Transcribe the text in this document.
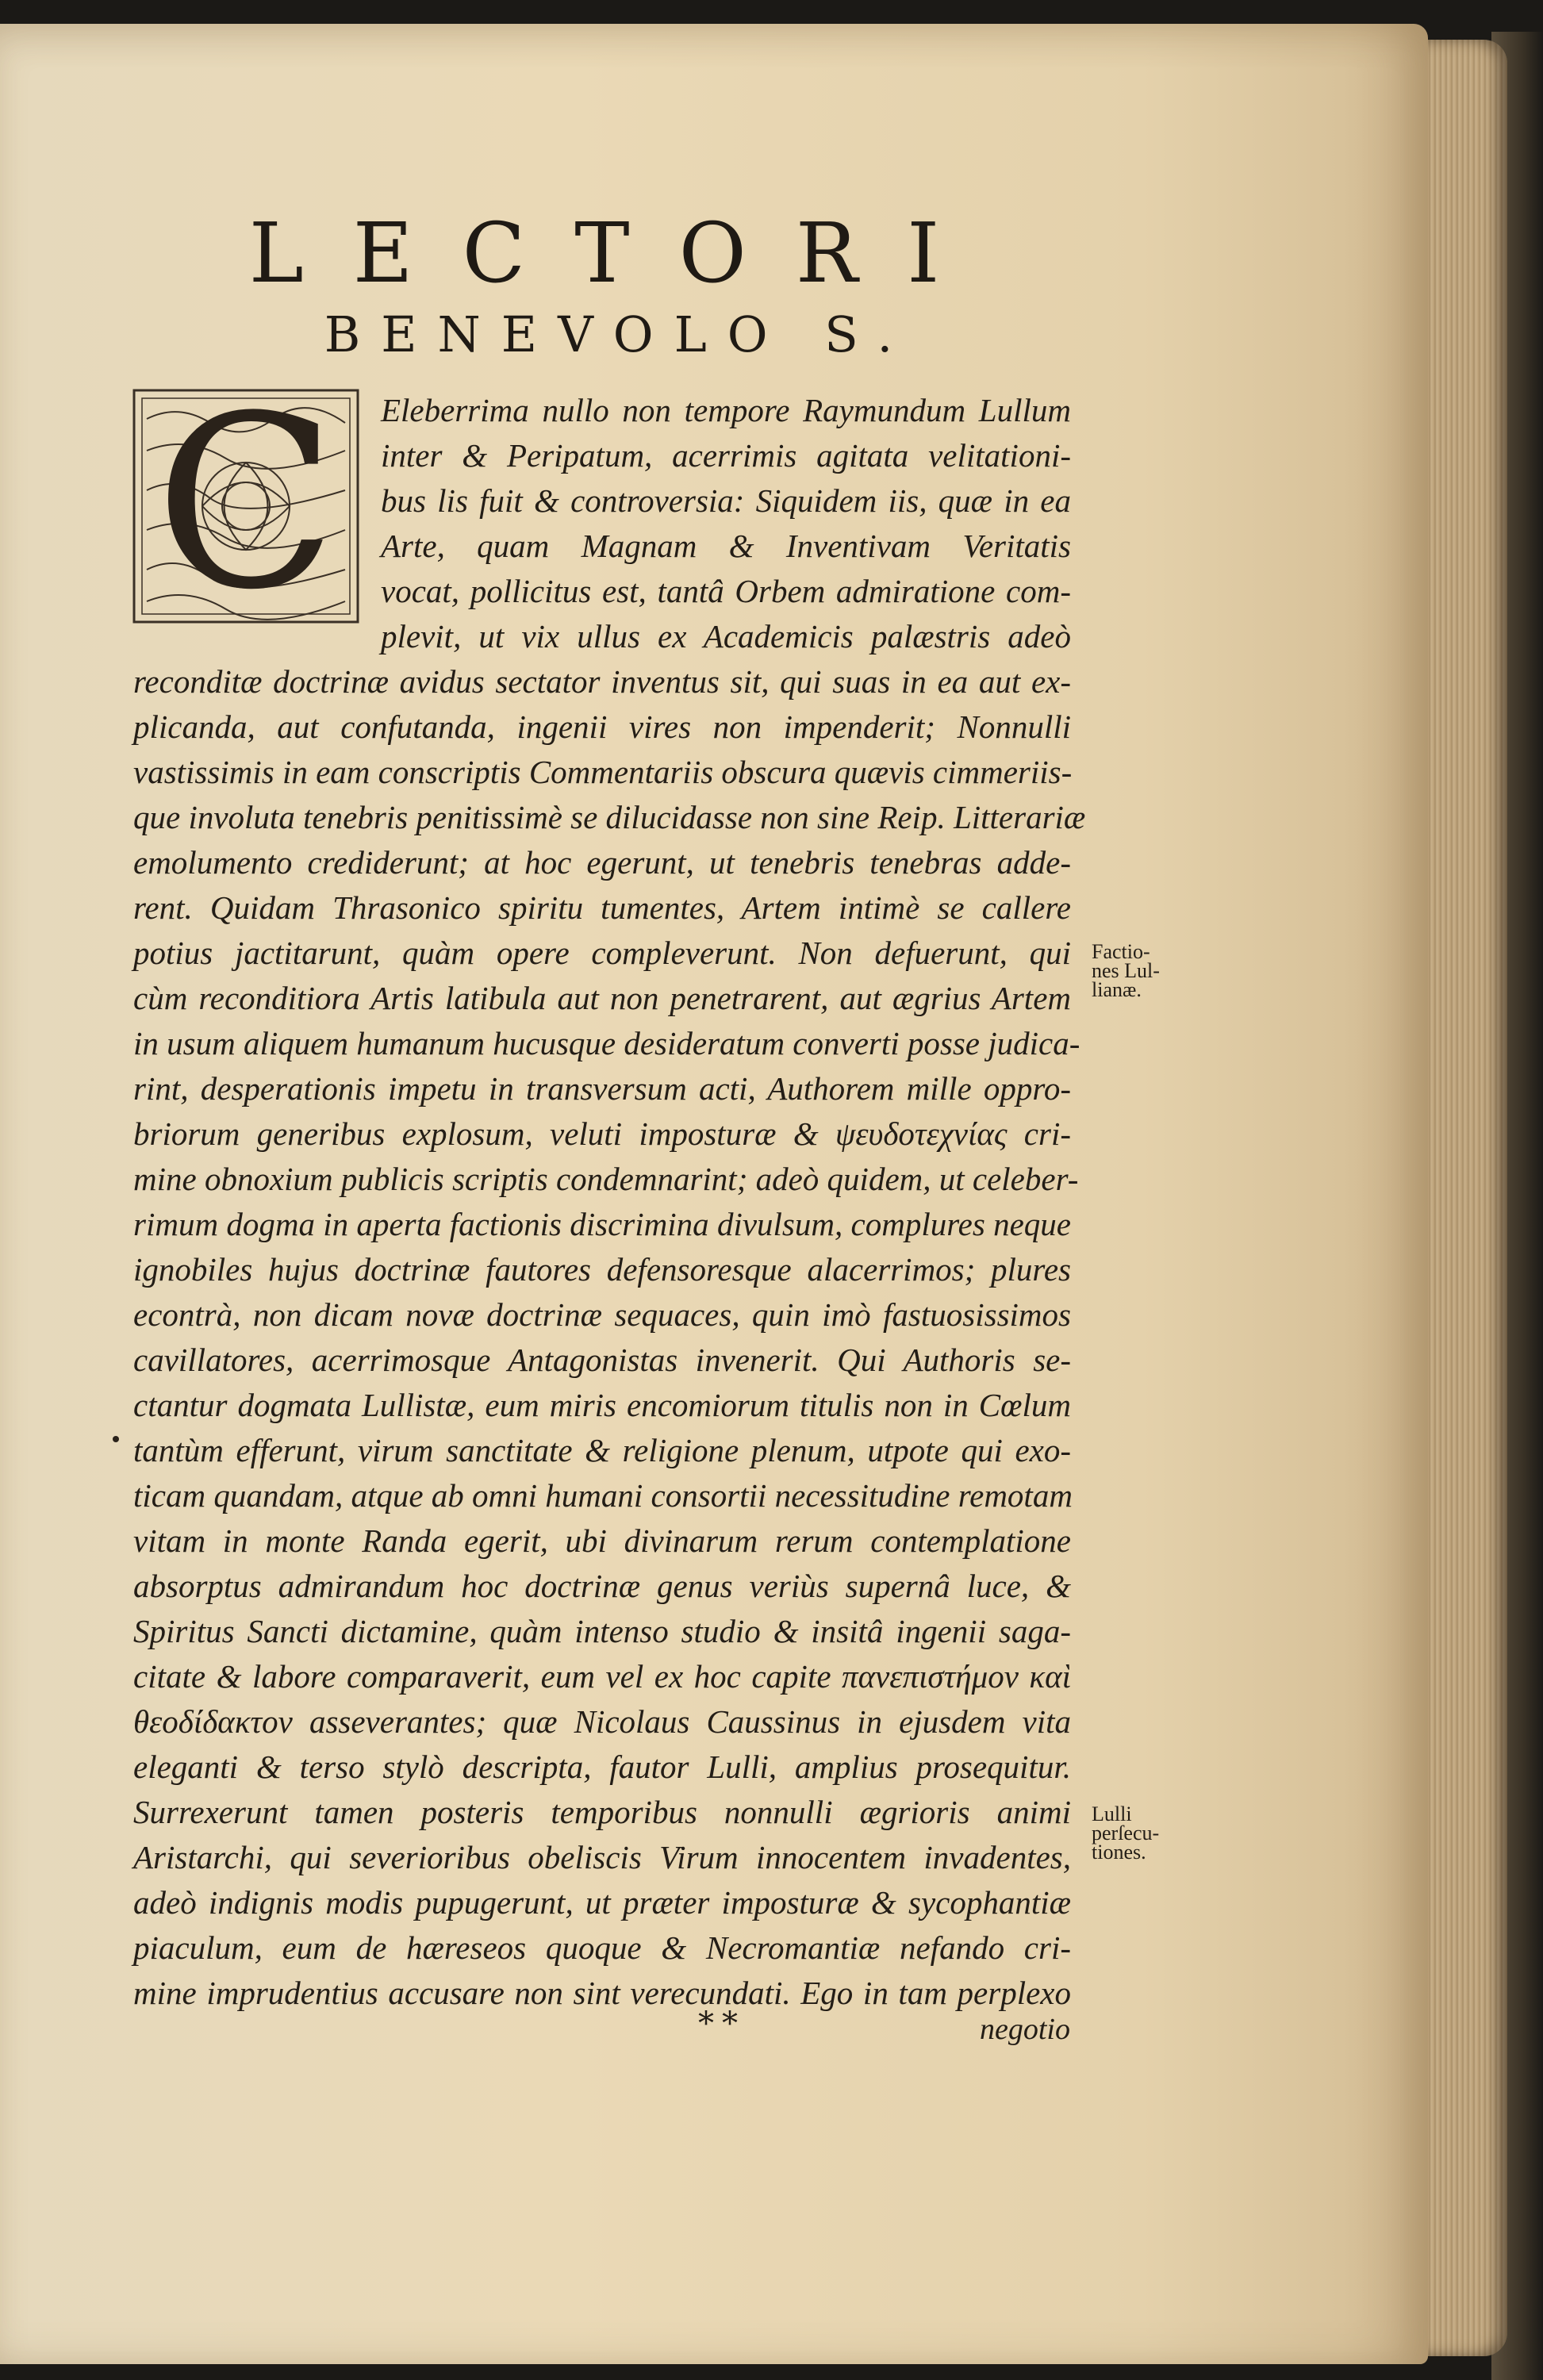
LECTORI
BENEVOLO S.
C Eleberrima nullo non tempore Raymundum Lullum

inter & Peripatum, acerrimis agitata velitationi-

bus lis fuit & controversia: Siquidem iis, quæ in ea

Arte, quam Magnam & Inventivam Veritatis

vocat, pollicitus est, tantâ Orbem admiratione com-

plevit, ut vix ullus ex Academicis palæstris adeò

reconditæ doctrinæ avidus sectator inventus sit, qui suas in ea aut ex-

plicanda, aut confutanda, ingenii vires non impenderit; Nonnulli

vastissimis in eam conscriptis Commentariis obscura quævis cimmeriis-

que involuta tenebris penitissimè se dilucidasse non sine Reip. Litterariæ

emolumento crediderunt; at hoc egerunt, ut tenebris tenebras adde-

rent. Quidam Thrasonico spiritu tumentes, Artem intimè se callere

potius jactitarunt, quàm opere compleverunt. Non defuerunt, qui

cùm reconditiora Artis latibula aut non penetrarent, aut ægrius Artem

in usum aliquem humanum hucusque desideratum converti posse judica-

rint, desperationis impetu in transversum acti, Authorem mille oppro-

briorum generibus explosum, veluti imposturæ & ψευδοτεχνίας cri-

mine obnoxium publicis scriptis condemnarint; adeò quidem, ut celeber-

rimum dogma in aperta factionis discrimina divulsum, complures neque

ignobiles hujus doctrinæ fautores defensoresque alacerrimos; plures

econtrà, non dicam novæ doctrinæ sequaces, quin imò fastuosissimos

cavillatores, acerrimosque Antagonistas invenerit. Qui Authoris se-

ctantur dogmata Lullistæ, eum miris encomiorum titulis non in Cœlum

tantùm efferunt, virum sanctitate & religione plenum, utpote qui exo-

ticam quandam, atque ab omni humani consortii necessitudine remotam

vitam in monte Randa egerit, ubi divinarum rerum contemplatione

absorptus admirandum hoc doctrinæ genus veriùs supernâ luce, &

Spiritus Sancti dictamine, quàm intenso studio & insitâ ingenii saga-

citate & labore comparaverit, eum vel ex hoc capite πανεπιστήμον καὶ

θεοδίδακτον asseverantes; quæ Nicolaus Caussinus in ejusdem vita

eleganti & terso stylò descripta, fautor Lulli, amplius prosequitur.

Surrexerunt tamen posteris temporibus nonnulli ægrioris animi

Aristarchi, qui severioribus obeliscis Virum innocentem invadentes,

adeò indignis modis pupugerunt, ut præter imposturæ & sycophantiæ

piaculum, eum de hæreseos quoque & Necromantiæ nefando cri-

mine imprudentius accusare non sint verecundati. Ego in tam perplexo

Factio-
nes Lul-
lianæ.
Lulli
perſecu-
tiones.
**	negotio
